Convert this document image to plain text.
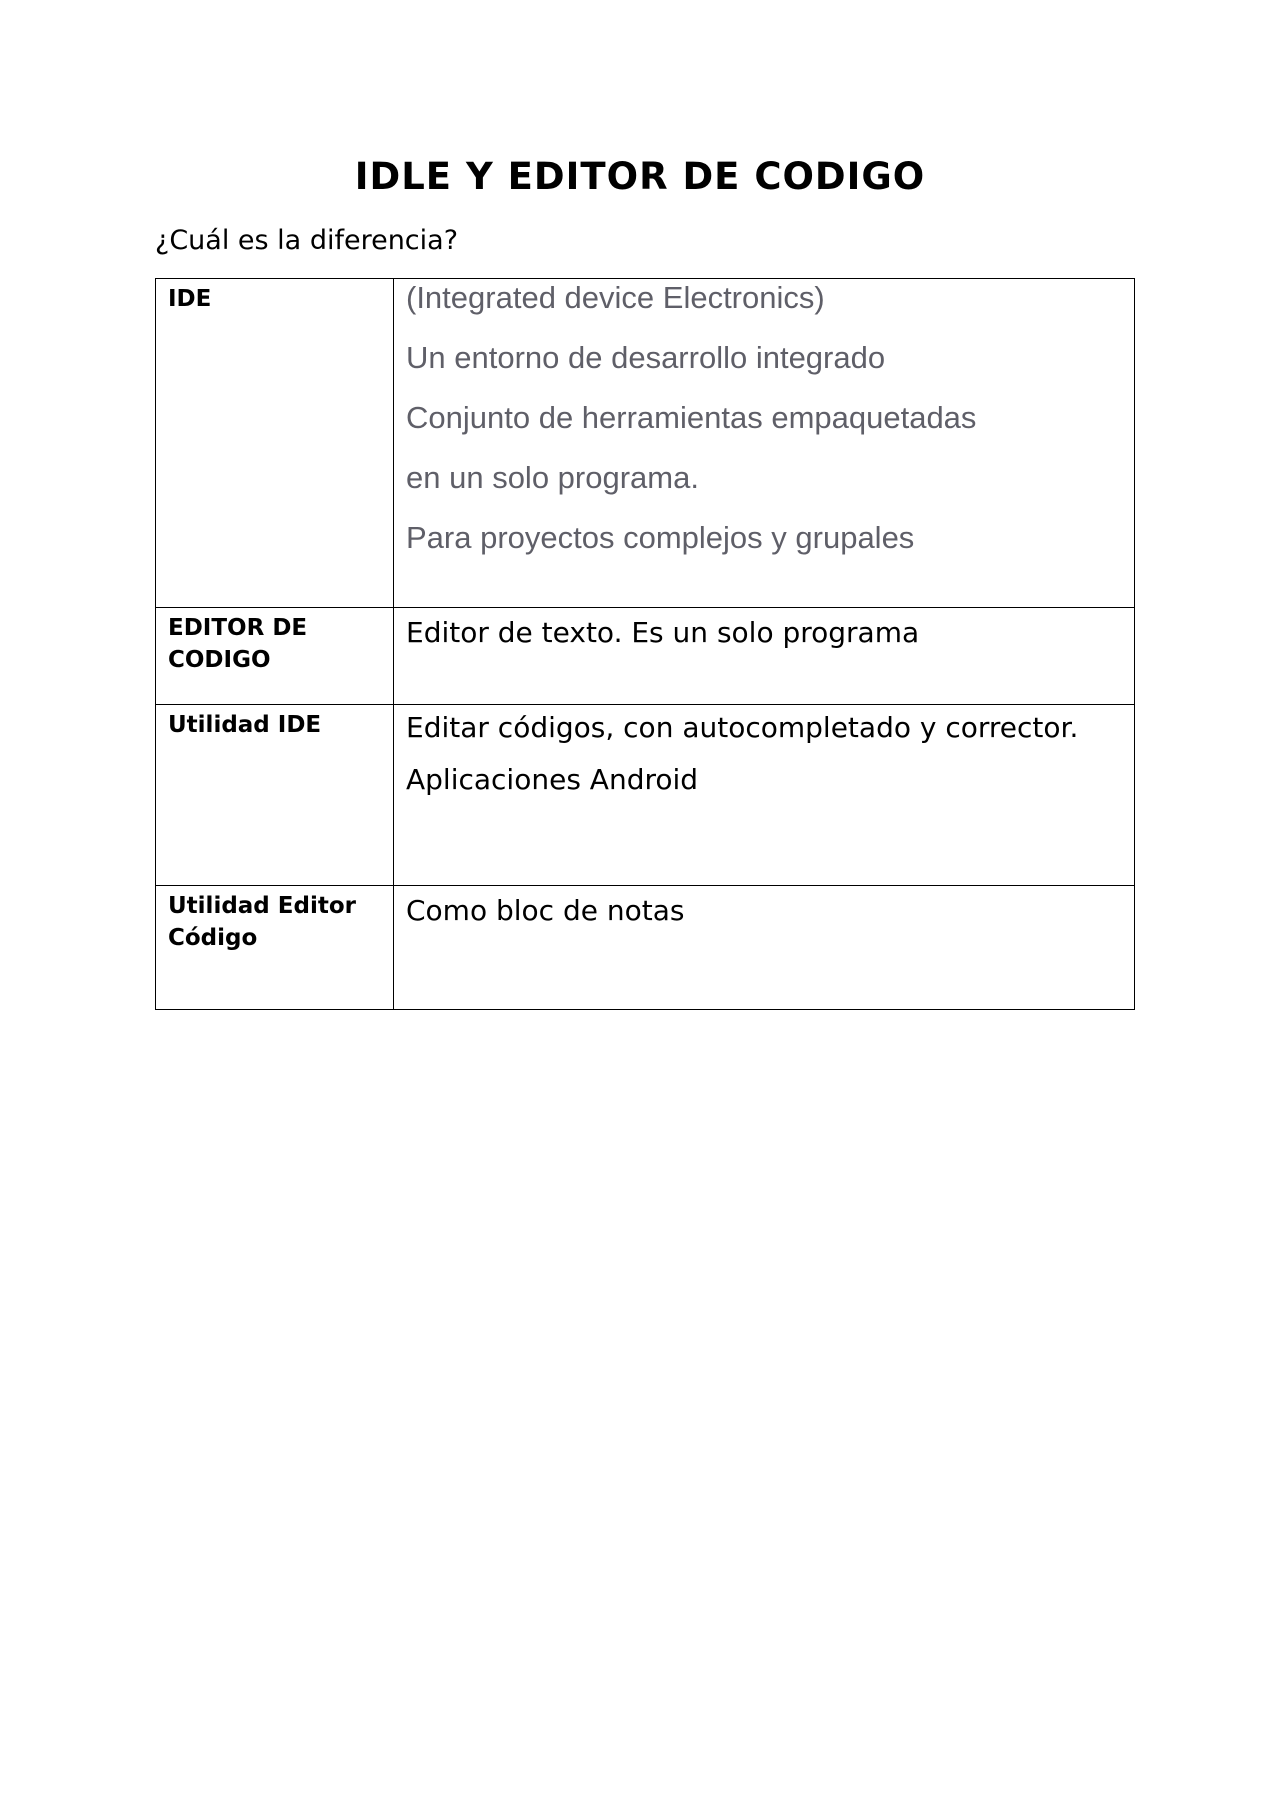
IDLE Y EDITOR DE CODIGO

¿Cuál es la diferencia?

IDE	(Integrated device Electronics)

Un entorno de desarrollo integrado

Conjunto de herramientas empaquetadas

en un solo programa.

Para proyectos complejos y grupales

EDITOR DE CODIGO	Editor de texto. Es un solo programa

Utilidad IDE	Editar códigos, con autocompletado y corrector.

Aplicaciones Android

Utilidad Editor Código	Como bloc de notas
